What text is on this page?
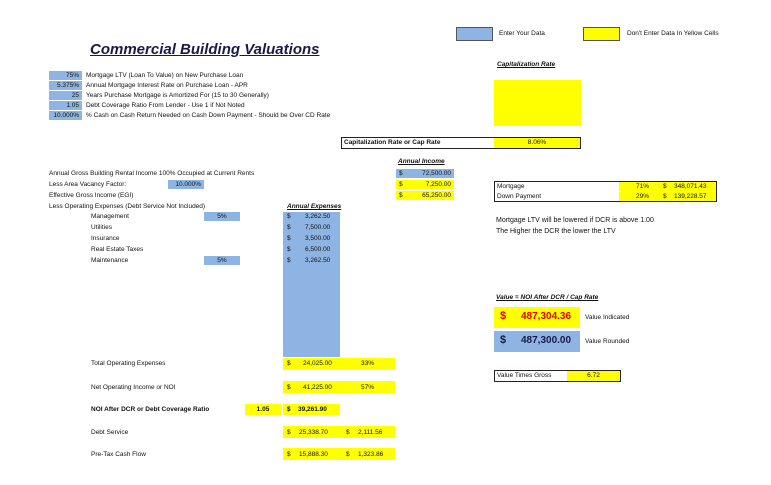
Enter Your Data	Don't Enter Data In Yellow Cells
Commercial Building Valuations
75%	Mortgage LTV (Loan To Value) on New Purchase Loan
5.375%	Annual Mortgage Interest Rate on Purchase Loan - APR
25	Years Purchase Mortgage is Amortized For (15 to 30 Generally)
1.05	Debt Coverage Ratio From Lender - Use 1 if Not Noted
10.000%	% Cash on Cash Return Needed on Cash Down Payment - Should be Over CD Rate
Capitalization Rate
Capitalization Rate or Cap Rate	8.06%
Annual Income
Annual Gross Building Rental Income 100% Occupied at Current Rents	$	72,500.00
Less Area Vacancy Factor:	10.000%	$	7,250.00
Effective Gross Income (EGI)	$	65,250.00
Less Operating Expenses (Debt Service Not Included)
Mortgage	71% $ 348,071.43
Down Payment	29% $ 139,228.57
Mortgage LTV will be lowered if DCR is above 1.00
The Higher the DCR the lower the LTV
Annual Expenses
Management	5%	$ 3,262.50
Utilities	$ 7,500.00
Insurance	$ 3,500.00
Real Estate Taxes	$ 6,500.00
Maintenance	5%	$ 3,262.50
Total Operating Expenses	$ 24,025.00	33%
Net Operating Income or NOI	$ 41,225.00	57%
NOI After DCR or Debt Coverage Ratio	1.05	$ 39,261.90
Debt Service	$ 25,338.70	$ 2,111.56
Pre-Tax Cash Flow	$ 15,888.30	$ 1,323.86
Value = NOI After DCR / Cap Rate
$ 487,304.36 Value Indicated
$ 487,300.00 Value Rounded
Value Times Gross	6.72
